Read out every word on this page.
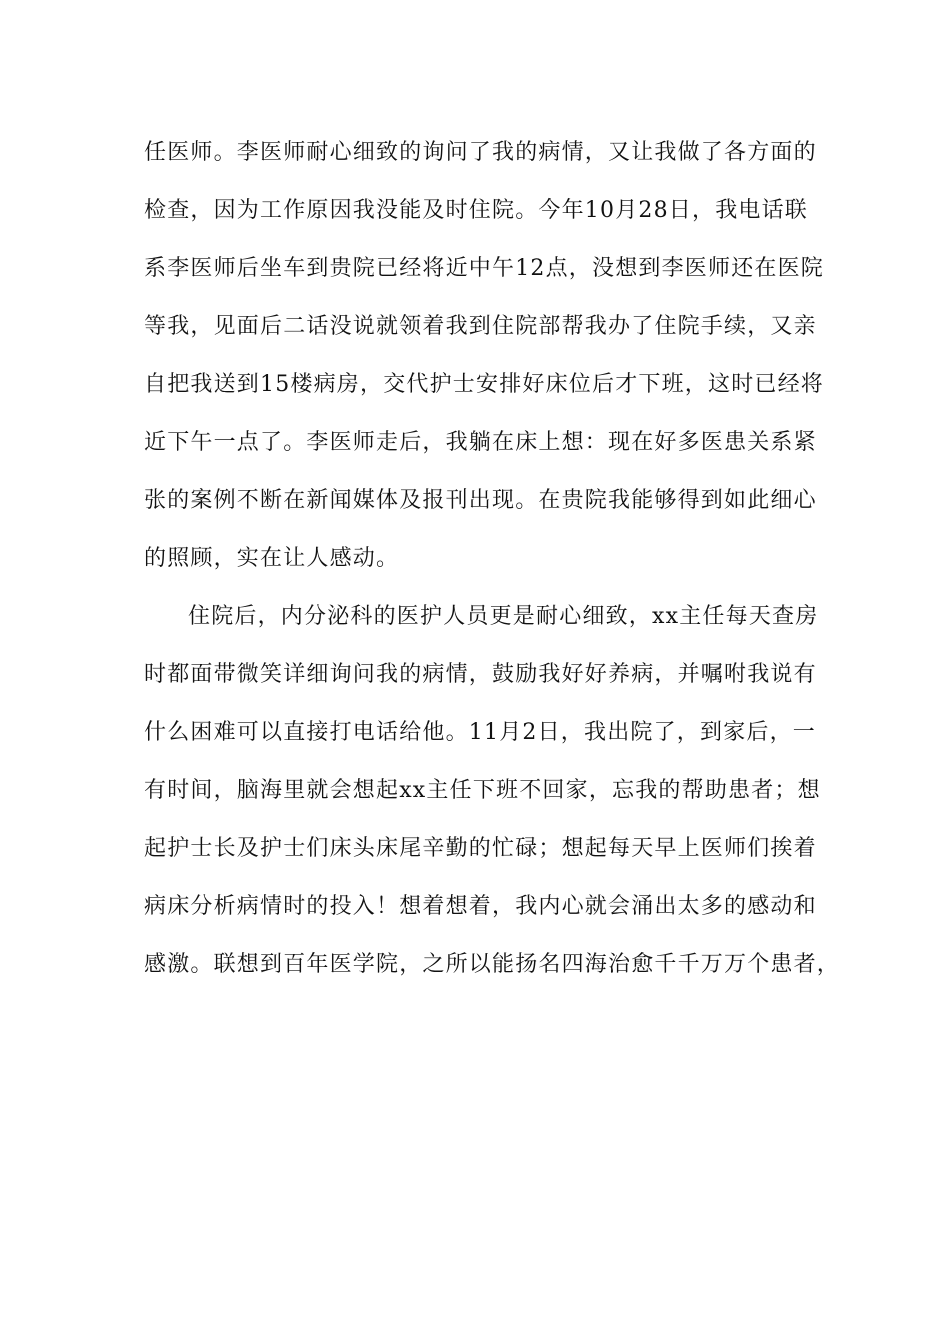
任医师。李医师耐心细致的询问了我的病情，又让我做了各方面的
检查，因为工作原因我没能及时住院。今年10月28日，我电话联
系李医师后坐车到贵院已经将近中午12点，没想到李医师还在医院
等我，见面后二话没说就领着我到住院部帮我办了住院手续，又亲
自把我送到15楼病房，交代护士安排好床位后才下班，这时已经将
近下午一点了。李医师走后，我躺在床上想：现在好多医患关系紧
张的案例不断在新闻媒体及报刊出现。在贵院我能够得到如此细心
的照顾，实在让人感动。
住院后，内分泌科的医护人员更是耐心细致，xx主任每天查房
时都面带微笑详细询问我的病情，鼓励我好好养病，并嘱咐我说有
什么困难可以直接打电话给他。11月2日，我出院了，到家后，一
有时间，脑海里就会想起xx主任下班不回家，忘我的帮助患者；想
起护士长及护士们床头床尾辛勤的忙碌；想起每天早上医师们挨着
病床分析病情时的投入！想着想着，我内心就会涌出太多的感动和
感激。联想到百年医学院，之所以能扬名四海治愈千千万万个患者，
